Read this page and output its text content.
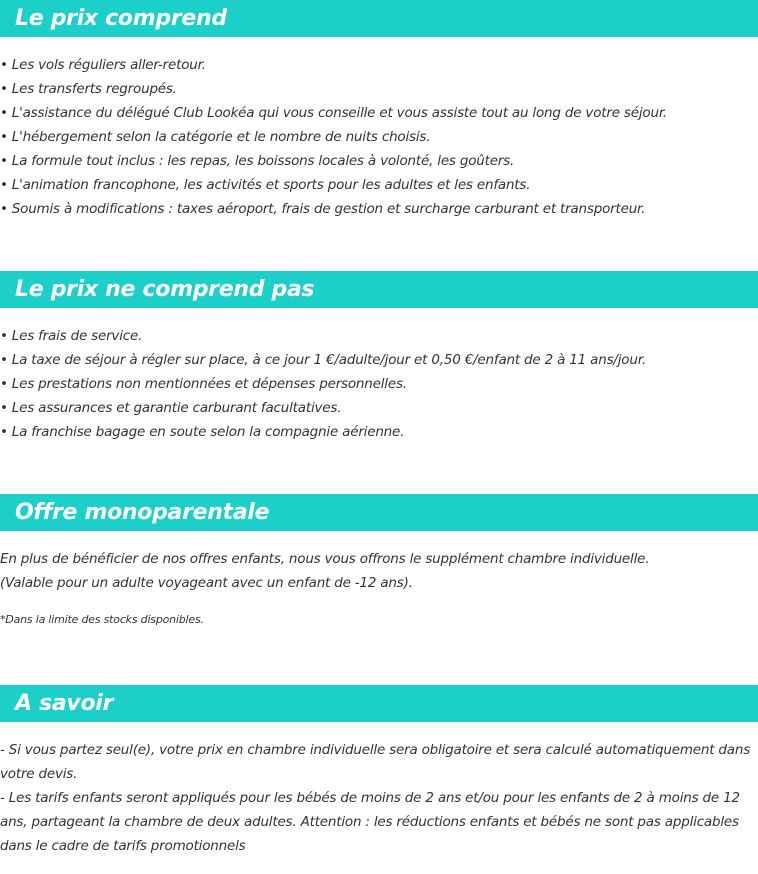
Le prix comprend
• Les vols réguliers aller-retour.
• Les transferts regroupés.
• L'assistance du délégué Club Lookéa qui vous conseille et vous assiste tout au long de votre séjour.
• L'hébergement selon la catégorie et le nombre de nuits choisis.
• La formule tout inclus : les repas, les boissons locales à volonté, les goûters.
• L'animation francophone, les activités et sports pour les adultes et les enfants.
• Soumis à modifications : taxes aéroport, frais de gestion et surcharge carburant et transporteur.
Le prix ne comprend pas
• Les frais de service.
• La taxe de séjour à régler sur place, à ce jour 1 €/adulte/jour et 0,50 €/enfant de 2 à 11 ans/jour.
• Les prestations non mentionnées et dépenses personnelles.
• Les assurances et garantie carburant facultatives.
• La franchise bagage en soute selon la compagnie aérienne.
Offre monoparentale

En plus de bénéficier de nos offres enfants, nous vous offrons le supplément chambre individuelle.

(Valable pour un adulte voyageant avec un enfant de -12 ans).

*Dans la limite des stocks disponibles.

A savoir

- Si vous partez seul(e), votre prix en chambre individuelle sera obligatoire et sera calculé automatiquement dans votre devis.

- Les tarifs enfants seront appliqués pour les bébés de moins de 2 ans et/ou pour les enfants de 2 à moins de 12 ans, partageant la chambre de deux adultes. Attention : les réductions enfants et bébés ne sont pas applicables dans le cadre de tarifs promotionnels
